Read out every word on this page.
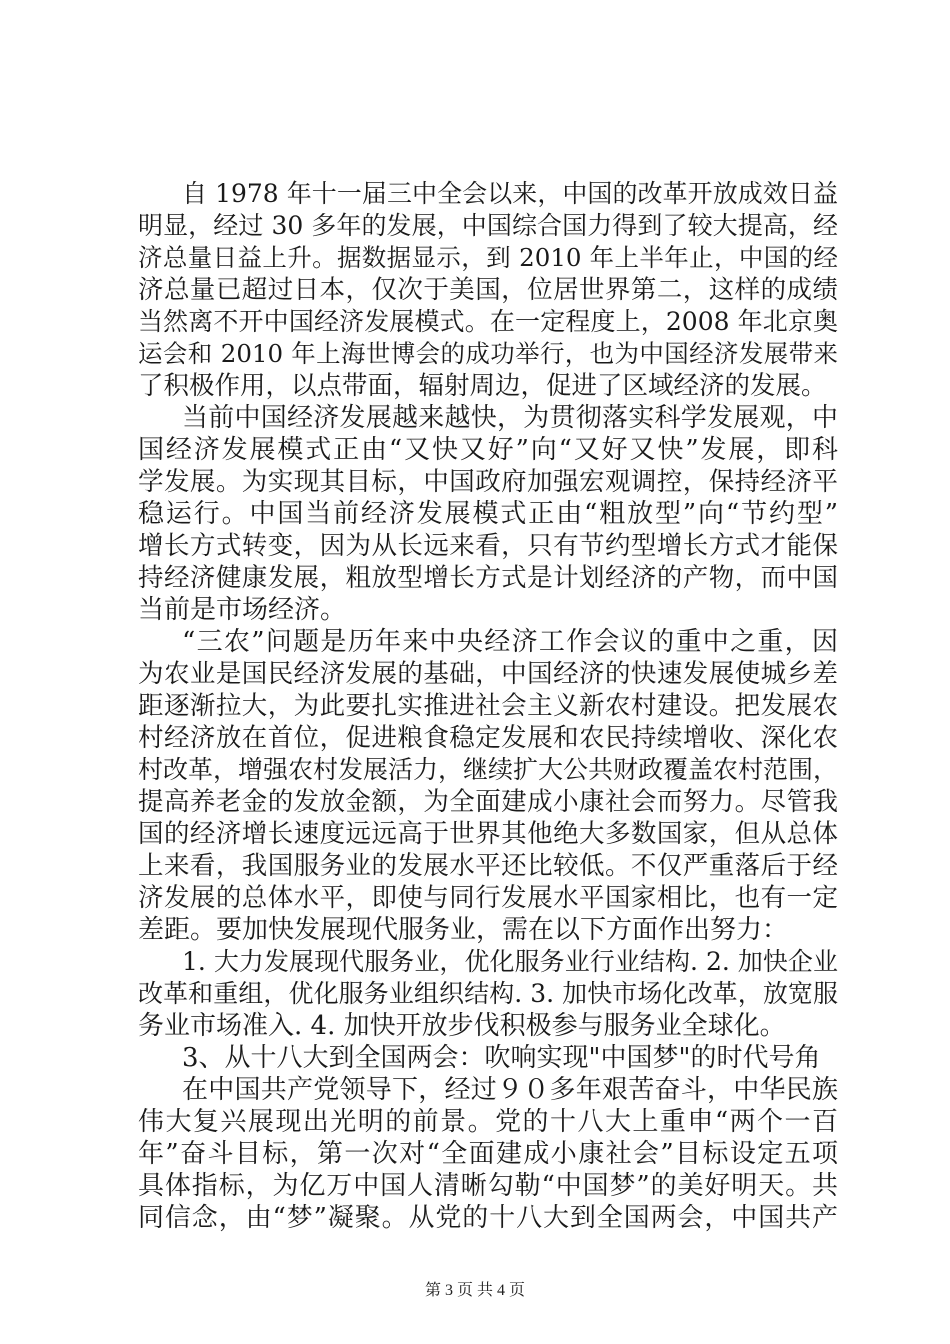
自 1978 年十一届三中全会以来，中国的改革开放成效日益
明显，经过 30 多年的发展，中国综合国力得到了较大提高，经
济总量日益上升。据数据显示，到 2010 年上半年止，中国的经
济总量已超过日本，仅次于美国，位居世界第二，这样的成绩
当然离不开中国经济发展模式。在一定程度上，2008 年北京奥
运会和 2010 年上海世博会的成功举行，也为中国经济发展带来
了积极作用，以点带面，辐射周边，促进了区域经济的发展。
当前中国经济发展越来越快，为贯彻落实科学发展观，中
国经济发展模式正由“又快又好”向“又好又快”发展，即科
学发展。为实现其目标，中国政府加强宏观调控，保持经济平
稳运行。中国当前经济发展模式正由“粗放型”向“节约型”
增长方式转变，因为从长远来看，只有节约型增长方式才能保
持经济健康发展，粗放型增长方式是计划经济的产物，而中国
当前是市场经济。
“三农”问题是历年来中央经济工作会议的重中之重，因
为农业是国民经济发展的基础，中国经济的快速发展使城乡差
距逐渐拉大，为此要扎实推进社会主义新农村建设。把发展农
村经济放在首位，促进粮食稳定发展和农民持续增收、深化农
村改革，增强农村发展活力，继续扩大公共财政覆盖农村范围，
提高养老金的发放金额，为全面建成小康社会而努力。尽管我
国的经济增长速度远远高于世界其他绝大多数国家，但从总体
上来看，我国服务业的发展水平还比较低。不仅严重落后于经
济发展的总体水平，即使与同行发展水平国家相比，也有一定
差距。要加快发展现代服务业，需在以下方面作出努力：
1. 大力发展现代服务业，优化服务业行业结构. 2. 加快企业
改革和重组，优化服务业组织结构. 3. 加快市场化改革，放宽服
务业市场准入. 4. 加快开放步伐积极参与服务业全球化。
3、从十八大到全国两会：吹响实现"中国梦"的时代号角
在中国共产党领导下，经过９０多年艰苦奋斗，中华民族
伟大复兴展现出光明的前景。党的十八大上重申“两个一百
年”奋斗目标，第一次对“全面建成小康社会”目标设定五项
具体指标，为亿万中国人清晰勾勒“中国梦”的美好明天。共
同信念，由“梦”凝聚。从党的十八大到全国两会，中国共产
第 3 页 共 4 页
